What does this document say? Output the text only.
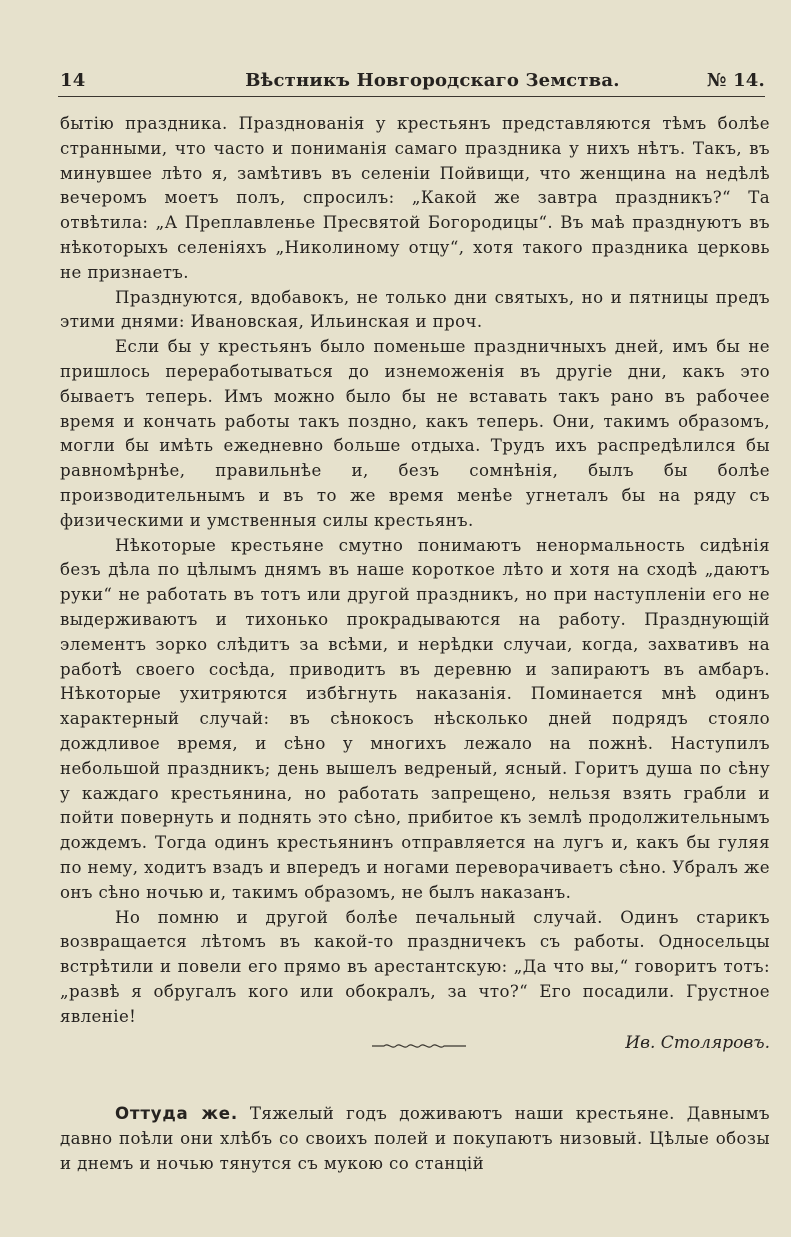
14	Вѣстникъ Новгородскаго Земства.	№ 14.

бытію праздника. Празднованія у крестьянъ представляются тѣмъ болѣе странными, что часто и пониманія самаго праздника у нихъ нѣтъ. Такъ, въ минувшее лѣто я, замѣтивъ въ селеніи Пойвищи, что женщина на недѣлѣ вечеромъ моетъ полъ, спросилъ: „Какой же завтра праздникъ?“ Та отвѣтила: „А Преплавленье Пресвятой Богородицы“. Въ маѣ празднуютъ въ нѣкоторыхъ селеніяхъ „Николиному отцу“, хотя такого праздника церковь не признаетъ.

Празднуются, вдобавокъ, не только дни святыхъ, но и пятницы предъ этими днями: Ивановская, Ильинская и проч.

Если бы у крестьянъ было поменьше праздничныхъ дней, имъ бы не пришлось переработываться до изнеможенія въ другіе дни, какъ это бываетъ теперь. Имъ можно было бы не вставать такъ рано въ рабочее время и кончать работы такъ поздно, какъ теперь. Они, такимъ образомъ, могли бы имѣть ежедневно больше отдыха. Трудъ ихъ распредѣлился бы равномѣрнѣе, правильнѣе и, безъ сомнѣнія, былъ бы болѣе производительнымъ и въ то же время менѣе угнеталъ бы на ряду съ физическими и умственныя силы крестьянъ.

Нѣкоторые крестьяне смутно понимаютъ ненормальность сидѣнія безъ дѣла по цѣлымъ днямъ въ наше короткое лѣто и хотя на сходѣ „даютъ руки“ не работать въ тотъ или другой праздникъ, но при наступленіи его не выдерживаютъ и тихонько прокрадываются на работу. Празднующій элементъ зорко слѣдитъ за всѣми, и нерѣдки случаи, когда, захвативъ на работѣ своего сосѣда, приводитъ въ деревню и запираютъ въ амбаръ. Нѣкоторые ухитряются избѣгнуть наказанія. Поминается мнѣ одинъ характерный случай: въ сѣнокосъ нѣсколько дней подрядъ стояло дождливое время, и сѣно у многихъ лежало на пожнѣ. Наступилъ небольшой праздникъ; день вышелъ ведреный, ясный. Горитъ душа по сѣну у каждаго крестьянина, но работать запрещено, нельзя взять грабли и пойти повернуть и поднять это сѣно, прибитое къ землѣ продолжительнымъ дождемъ. Тогда одинъ крестьянинъ отправляется на лугъ и, какъ бы гуляя по нему, ходитъ взадъ и впередъ и ногами переворачиваетъ сѣно. Убралъ же онъ сѣно ночью и, такимъ образомъ, не былъ наказанъ.

Но помню и другой болѣе печальный случай. Одинъ старикъ возвращается лѣтомъ въ какой-то праздничекъ съ работы. Односельцы встрѣтили и повели его прямо въ арестантскую: „Да что вы,“ говоритъ тотъ: „развѣ я обругалъ кого или обокралъ, за что?“ Его посадили. Грустное явленіе!

Ив. Столяровъ.

Оттуда же. Тяжелый годъ доживаютъ наши крестьяне. Давнымъ давно поѣли они хлѣбъ со своихъ полей и покупаютъ низовый. Цѣлые обозы и днемъ и ночью тянутся съ мукою со станцій
